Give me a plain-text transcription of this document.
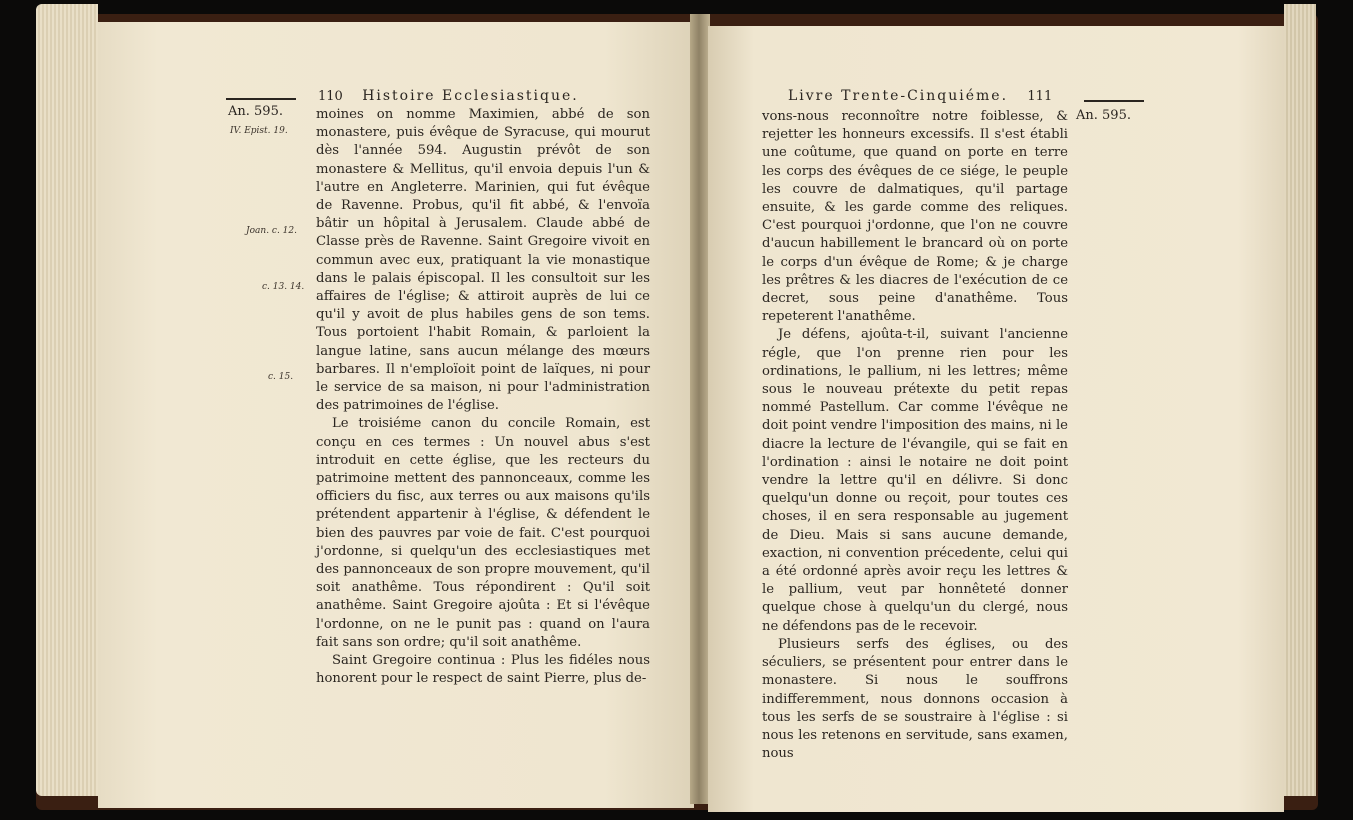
An. 595.
110 Histoire Ecclesiastique.
IV. Epist. 19.
Joan. c. 12.
c. 13. 14.
c. 15.

moines on nomme Maximien, abbé de son monastere, puis évêque de Syracuse, qui mourut dès l'année 594. Augustin prévôt de son monastere & Mellitus, qu'il envoia depuis l'un & l'autre en Angleterre. Marinien, qui fut évêque de Ravenne. Probus, qu'il fit abbé, & l'envoïa bâtir un hôpital à Jerusalem. Claude abbé de Classe près de Ravenne. Saint Gregoire vivoit en commun avec eux, pratiquant la vie monastique dans le palais épiscopal. Il les consultoit sur les affaires de l'église; & attiroit auprès de lui ce qu'il y avoit de plus habiles gens de son tems. Tous portoient l'habit Romain, & parloient la langue latine, sans aucun mélange des mœurs barbares. Il n'emploïoit point de laïques, ni pour le service de sa maison, ni pour l'administration des patrimoines de l'église.

Le troisiéme canon du concile Romain, est conçu en ces termes : Un nouvel abus s'est introduit en cette église, que les recteurs du patrimoine mettent des pannonceaux, comme les officiers du fisc, aux terres ou aux maisons qu'ils prétendent appartenir à l'église, & défendent le bien des pauvres par voie de fait. C'est pourquoi j'ordonne, si quelqu'un des ecclesiastiques met des pannonceaux de son propre mouvement, qu'il soit anathême. Tous répondirent : Qu'il soit anathême. Saint Gregoire ajoûta : Et si l'évêque l'ordonne, on ne le punit pas : quand on l'aura fait sans son ordre; qu'il soit anathême.

Saint Gregoire continua : Plus les fidéles nous honorent pour le respect de saint Pierre, plus de-

Livre Trente-Cinquiéme. 111
An. 595.

vons-nous reconnoître notre foiblesse, & rejetter les honneurs excessifs. Il s'est établi une coûtume, que quand on porte en terre les corps des évêques de ce siége, le peuple les couvre de dalmatiques, qu'il partage ensuite, & les garde comme des reliques. C'est pourquoi j'ordonne, que l'on ne couvre d'aucun habillement le brancard où on porte le corps d'un évêque de Rome; & je charge les prêtres & les diacres de l'exécution de ce decret, sous peine d'anathême. Tous repeterent l'anathême.

Je défens, ajoûta-t-il, suivant l'ancienne régle, que l'on prenne rien pour les ordinations, le pallium, ni les lettres; même sous le nouveau prétexte du petit repas nommé Pastellum. Car comme l'évêque ne doit point vendre l'imposition des mains, ni le diacre la lecture de l'évangile, qui se fait en l'ordination : ainsi le notaire ne doit point vendre la lettre qu'il en délivre. Si donc quelqu'un donne ou reçoit, pour toutes ces choses, il en sera responsable au jugement de Dieu. Mais si sans aucune demande, exaction, ni convention précedente, celui qui a été ordonné après avoir reçu les lettres & le pallium, veut par honnêteté donner quelque chose à quelqu'un du clergé, nous ne défendons pas de le recevoir.

Plusieurs serfs des églises, ou des séculiers, se présentent pour entrer dans le monastere. Si nous le souffrons indifferemment, nous donnons occasion à tous les serfs de se soustraire à l'église : si nous les retenons en servitude, sans examen, nous
